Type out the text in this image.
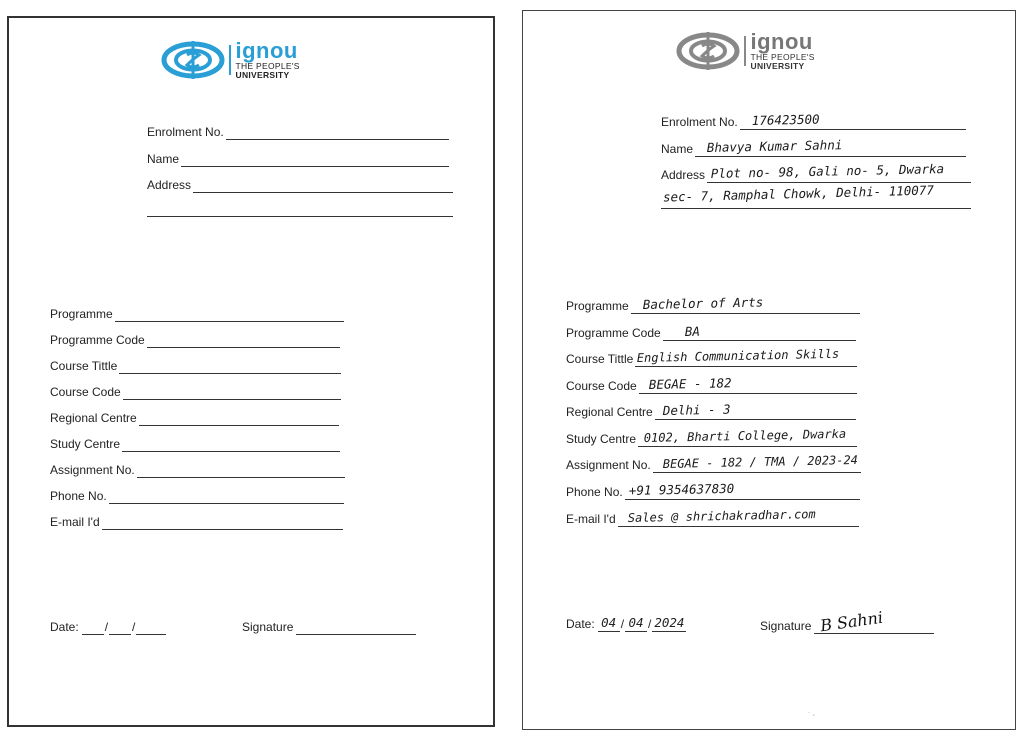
ignou
THE PEOPLE'S
UNIVERSITY
Enrolment No.
Name
Address
Programme
Programme Code
Course Tittle
Course Code
Regional Centre
Study Centre
Assignment No.
Phone No.
E-mail I'd
Date: / /	Signature
ignou
THE PEOPLE'S
UNIVERSITY
Enrolment No. 176423500
Name Bhavya Kumar Sahni
Address Plot no- 98, Gali no- 5, Dwarka
sec- 7, Ramphal Chowk, Delhi- 110077
Programme Bachelor of Arts
Programme Code BA
Course Tittle English Communication Skills
Course Code BEGAE - 182
Regional Centre Delhi - 3
Study Centre 0102, Bharti College, Dwarka
Assignment No. BEGAE - 182 / TMA / 2023-24
Phone No. +91 9354637830
E-mail I'd Sales @ shrichakradhar.com
Date: 04 / 04 / 2024	Signature B Sahni
˙ ⸱
